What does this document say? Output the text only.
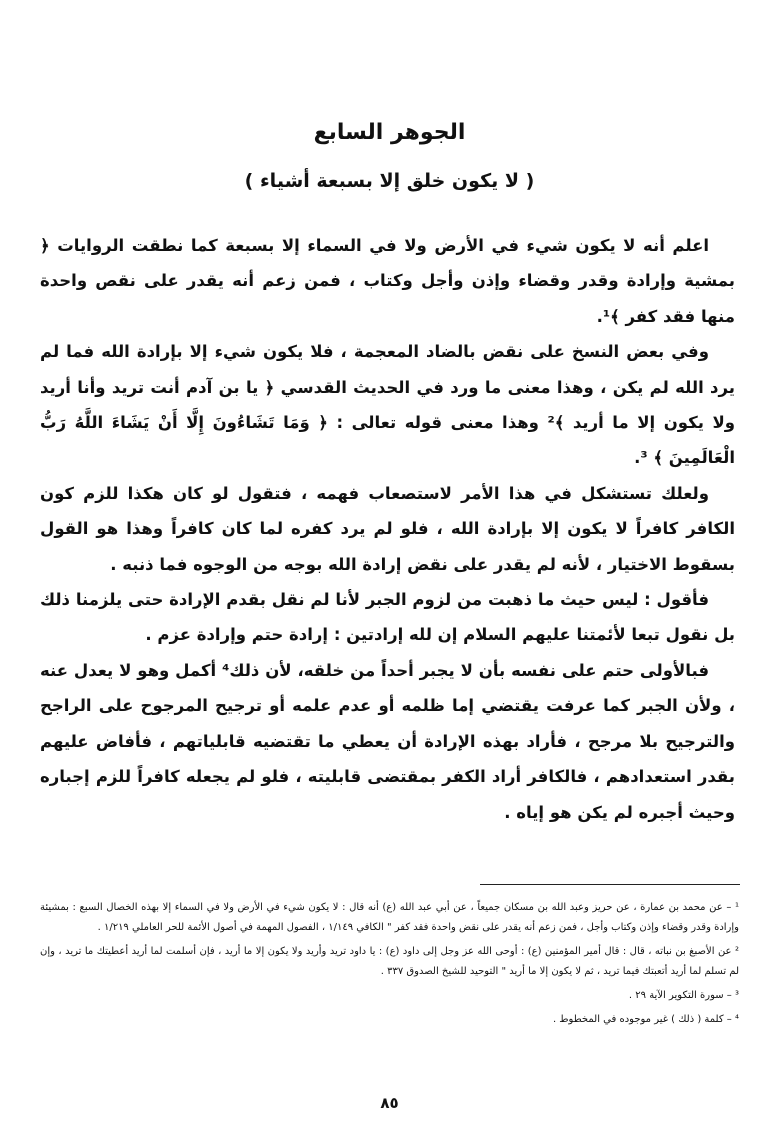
الجوهر السابع
( لا يكون خلق إلا بسبعة أشياء )

اعلم أنه لا يكون شيء في الأرض ولا في السماء إلا بسبعة كما نطقت الروايات ﴿ بمشية وإرادة وقدر وقضاء وإذن وأجل وكتاب ، فمن زعم أنه يقدر على نقص واحدة منها فقد كفر ﴾¹.

وفي بعض النسخ على نقض بالضاد المعجمة ، فلا يكون شيء إلا بإرادة الله فما لم يرد الله لم يكن ، وهذا معنى ما ورد في الحديث القدسي ﴿ يا بن آدم أنت تريد وأنا أريد ولا يكون إلا ما أريد ﴾² وهذا معنى قوله تعالى : ﴿ وَمَا تَشَاءُونَ إِلَّا أَنْ يَشَاءَ اللَّهُ رَبُّ الْعَالَمِينَ ﴾ ³.

ولعلك تستشكل في هذا الأمر لاستصعاب فهمه ، فتقول لو كان هكذا للزم كون الكافر كافراً لا يكون إلا بإرادة الله ، فلو لم يرد كفره لما كان كافراً وهذا هو القول بسقوط الاختيار ، لأنه لم يقدر على نقض إرادة الله بوجه من الوجوه فما ذنبه .

فأقول : ليس حيث ما ذهبت من لزوم الجبر لأنا لم نقل بقدم الإرادة حتى يلزمنا ذلك بل نقول تبعا لأئمتنا عليهم السلام إن لله إرادتين : إرادة حتم وإرادة عزم .

فبالأولى حتم على نفسه بأن لا يجبر أحداً من خلقه، لأن ذلك⁴ أكمل وهو لا يعدل عنه ، ولأن الجبر كما عرفت يقتضي إما ظلمه أو عدم علمه أو ترجيح المرجوح على الراجح والترجيح بلا مرجح ، فأراد بهذه الإرادة أن يعطي ما تقتضيه قابلياتهم ، فأفاض عليهم بقدر استعدادهم ، فالكافر أراد الكفر بمقتضى قابليته ، فلو لم يجعله كافراً للزم إجباره وحيث أجبره لم يكن هو إياه .

¹ – عن محمد بن عمارة ، عن حريز وعبد الله بن مسكان جميعاً ، عن أبي عبد الله (ع) أنه قال : لا يكون شيء في الأرض ولا في السماء إلا بهذه الخصال السبع : بمشيئة وإرادة وقدر وقضاء وإذن وكتاب وأجل ، فمن زعم أنه يقدر على نقض واحدة فقد كفر " الكافي ١/١٤٩ ، الفصول المهمة في أصول الأئمة للحر العاملي ١/٢١٩ .

² عن الأصبغ بن نباته ، قال : قال أمير المؤمنين (ع) : أوحى الله عز وجل إلى داود (ع) : يا داود تريد وأريد ولا يكون إلا ما أريد ، فإن أسلمت لما أريد أعطيتك ما تريد ، وإن لم تسلم لما أريد أتعبتك فيما تريد ، ثم لا يكون إلا ما أريد " التوحيد للشيخ الصدوق ٣٣٧ .

³ – سورة التكوير الآية ٢٩ .

⁴ – كلمة ( ذلك ) غير موجوده في المخطوط .

٨٥
